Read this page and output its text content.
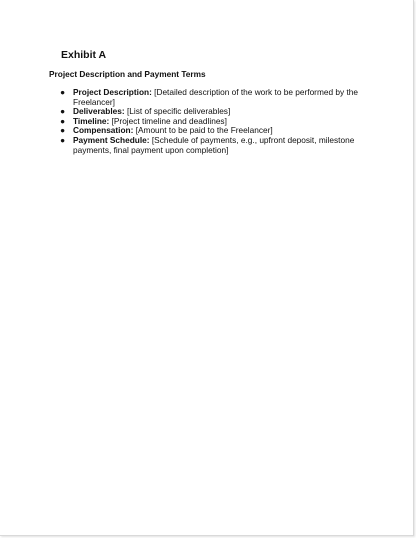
Exhibit A
Project Description and Payment Terms
● Project Description: [Detailed description of the work to be performed by the Freelancer]
● Deliverables: [List of specific deliverables]
● Timeline: [Project timeline and deadlines]
● Compensation: [Amount to be paid to the Freelancer]
● Payment Schedule: [Schedule of payments, e.g., upfront deposit, milestone payments, final payment upon completion]
